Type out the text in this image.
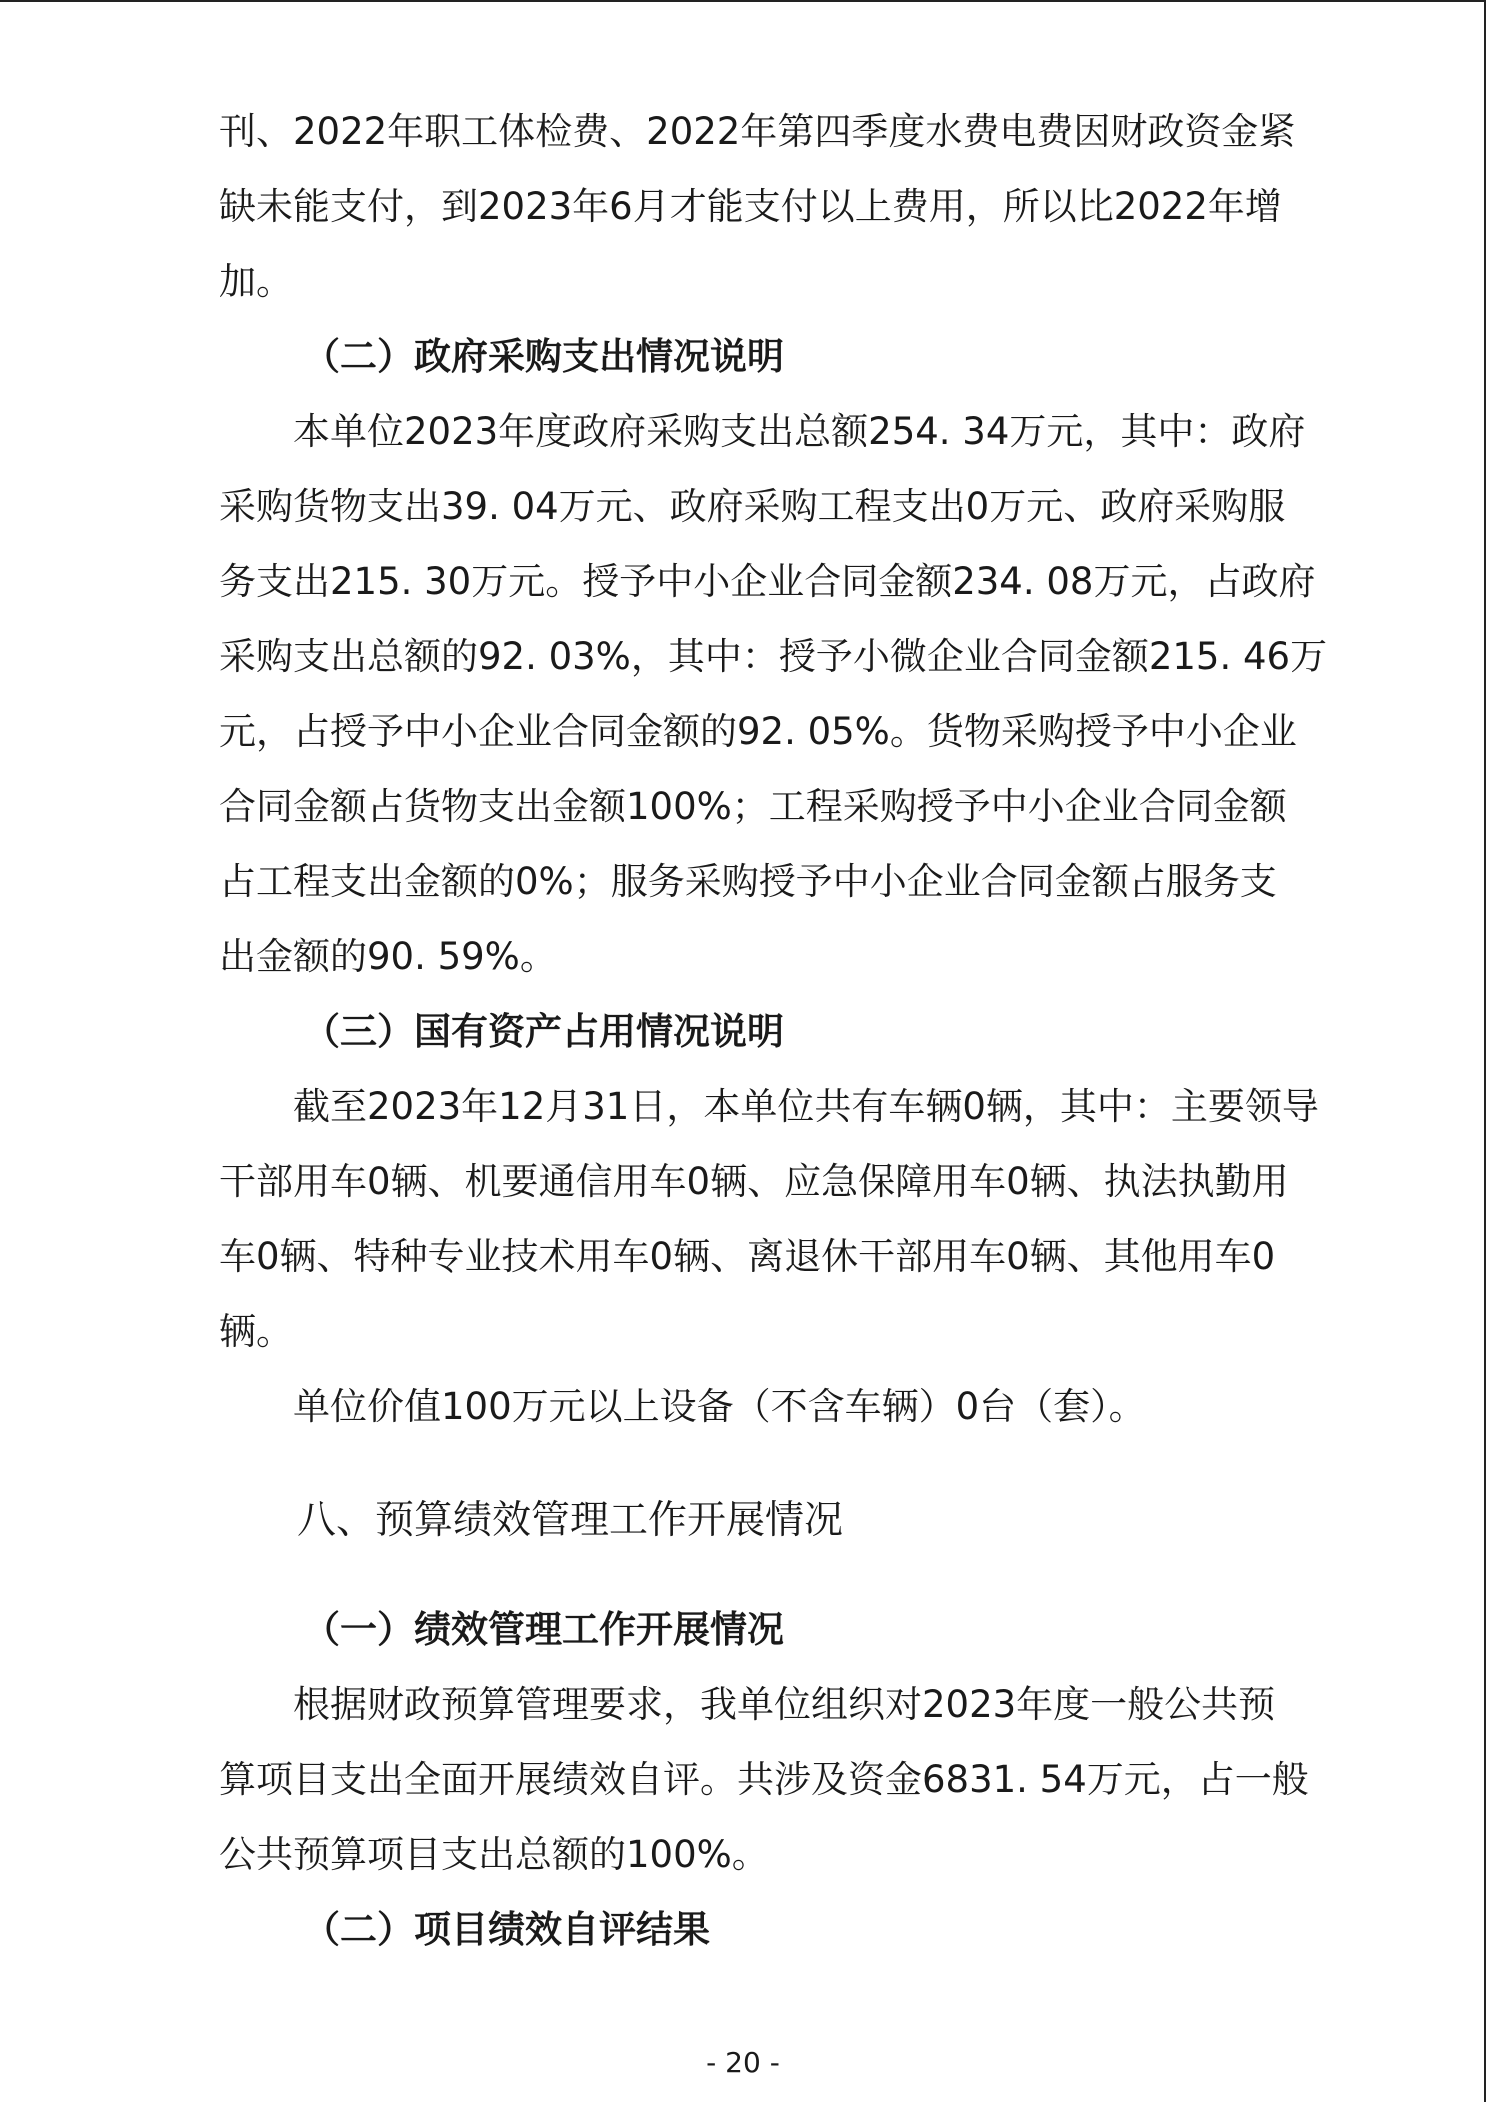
刊、2022年职工体检费、2022年第四季度水费电费因财政资金紧
缺未能支付，到2023年6月才能支付以上费用，所以比2022年增
加。
（二）政府采购支出情况说明
本单位2023年度政府采购支出总额254. 34万元，其中：政府
采购货物支出39. 04万元、政府采购工程支出0万元、政府采购服
务支出215. 30万元。授予中小企业合同金额234. 08万元，占政府
采购支出总额的92. 03%，其中：授予小微企业合同金额215. 46万
元，占授予中小企业合同金额的92. 05%。货物采购授予中小企业
合同金额占货物支出金额100%；工程采购授予中小企业合同金额
占工程支出金额的0%；服务采购授予中小企业合同金额占服务支
出金额的90. 59%。
（三）国有资产占用情况说明
截至2023年12月31日，本单位共有车辆0辆，其中：主要领导
干部用车0辆、机要通信用车0辆、应急保障用车0辆、执法执勤用
车0辆、特种专业技术用车0辆、离退休干部用车0辆、其他用车0
辆。
单位价值100万元以上设备（不含车辆）0台（套）。
八、预算绩效管理工作开展情况
（一）绩效管理工作开展情况
根据财政预算管理要求，我单位组织对2023年度一般公共预
算项目支出全面开展绩效自评。共涉及资金6831. 54万元，占一般
公共预算项目支出总额的100%。
（二）项目绩效自评结果
- 20 -
